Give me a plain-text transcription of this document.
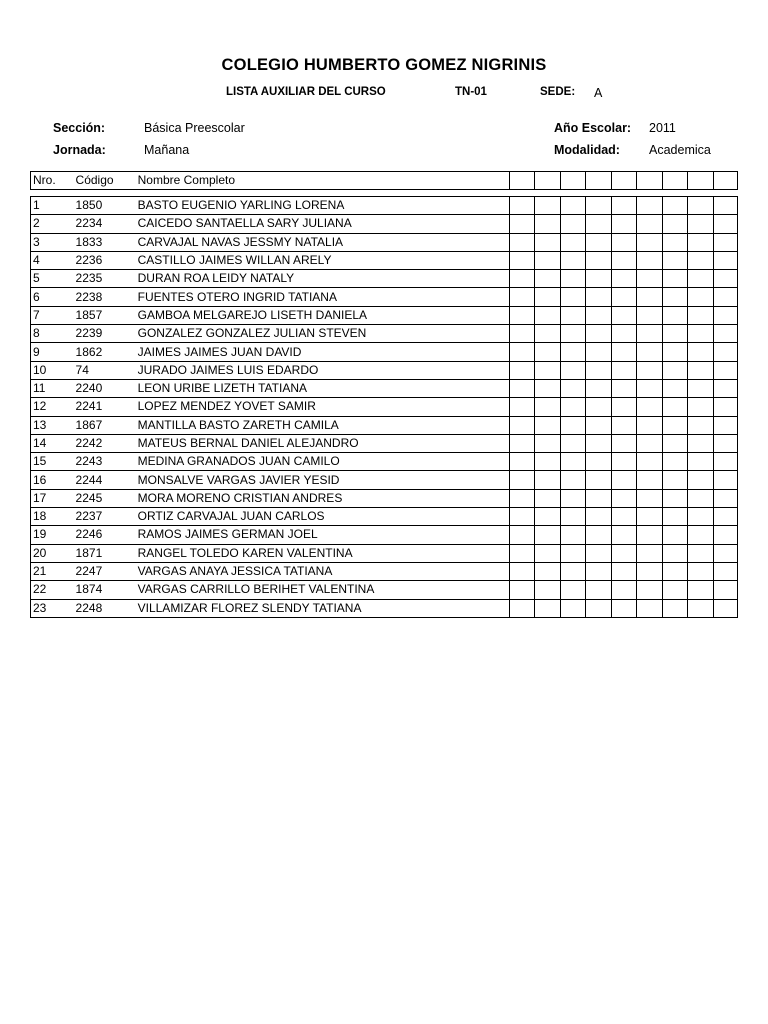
COLEGIO HUMBERTO GOMEZ NIGRINIS
LISTA AUXILIAR DEL CURSO	TN-01	SEDE: A
Sección:	Básica Preescolar
Jornada:	Mañana
Año Escolar: 2011
Modalidad: Academica
Nro.	Código	Nombre Completo									
1	1850	BASTO EUGENIO YARLING LORENA									
2	2234	CAICEDO SANTAELLA SARY JULIANA									
3	1833	CARVAJAL NAVAS JESSMY NATALIA									
4	2236	CASTILLO JAIMES WILLAN ARELY									
5	2235	DURAN ROA LEIDY NATALY									
6	2238	FUENTES OTERO INGRID TATIANA									
7	1857	GAMBOA MELGAREJO LISETH DANIELA									
8	2239	GONZALEZ GONZALEZ JULIAN STEVEN									
9	1862	JAIMES JAIMES JUAN DAVID									
10	74	JURADO JAIMES LUIS EDARDO									
11	2240	LEON URIBE LIZETH TATIANA									
12	2241	LOPEZ MENDEZ YOVET SAMIR									
13	1867	MANTILLA BASTO ZARETH CAMILA									
14	2242	MATEUS BERNAL DANIEL ALEJANDRO									
15	2243	MEDINA GRANADOS JUAN CAMILO									
16	2244	MONSALVE VARGAS JAVIER YESID									
17	2245	MORA MORENO CRISTIAN ANDRES									
18	2237	ORTIZ CARVAJAL JUAN CARLOS									
19	2246	RAMOS JAIMES GERMAN JOEL									
20	1871	RANGEL TOLEDO KAREN VALENTINA									
21	2247	VARGAS ANAYA JESSICA TATIANA									
22	1874	VARGAS CARRILLO BERIHET VALENTINA									
23	2248	VILLAMIZAR FLOREZ SLENDY TATIANA									
